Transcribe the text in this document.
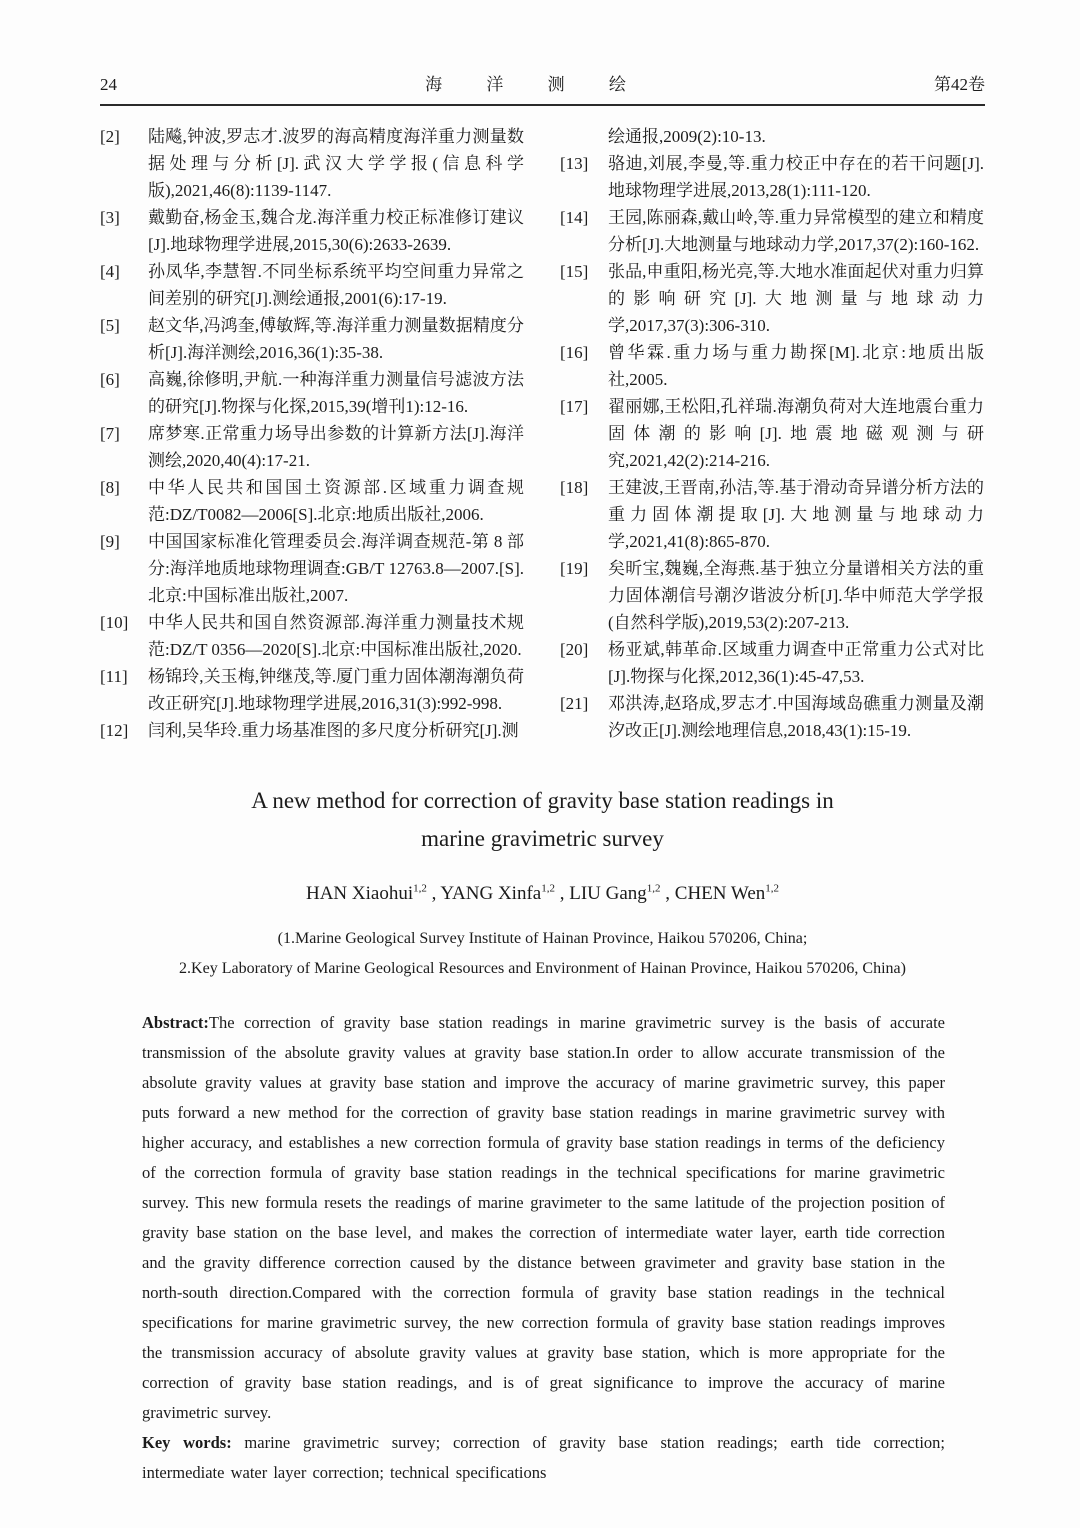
24	海 洋 测 绘	第42卷
[2]	陆飚,钟波,罗志才.波罗的海高精度海洋重力测量数据处理与分析[J].武汉大学学报(信息科学版),2021,46(8):1139-1147.
[3]	戴勤奋,杨金玉,魏合龙.海洋重力校正标准修订建议[J].地球物理学进展,2015,30(6):2633-2639.
[4]	孙凤华,李慧智.不同坐标系统平均空间重力异常之间差别的研究[J].测绘通报,2001(6):17-19.
[5]	赵文华,冯鸿奎,傅敏辉,等.海洋重力测量数据精度分析[J].海洋测绘,2016,36(1):35-38.
[6]	高巍,徐修明,尹航.一种海洋重力测量信号滤波方法的研究[J].物探与化探,2015,39(增刊1):12-16.
[7]	席梦寒.正常重力场导出参数的计算新方法[J].海洋测绘,2020,40(4):17-21.
[8]	中华人民共和国国土资源部.区域重力调查规范:DZ/T0082—2006[S].北京:地质出版社,2006.
[9]	中国国家标准化管理委员会.海洋调查规范-第 8 部分:海洋地质地球物理调查:GB/T 12763.8—2007.[S].北京:中国标准出版社,2007.
[10]	中华人民共和国自然资源部.海洋重力测量技术规范:DZ/T 0356—2020[S].北京:中国标准出版社,2020.
[11]	杨锦玲,关玉梅,钟继茂,等.厦门重力固体潮海潮负荷改正研究[J].地球物理学进展,2016,31(3):992-998.
[12]	闫利,吴华玲.重力场基准图的多尺度分析研究[J].测
绘通报,2009(2):10-13.
[13]	骆迪,刘展,李曼,等.重力校正中存在的若干问题[J].地球物理学进展,2013,28(1):111-120.
[14]	王园,陈丽森,戴山岭,等.重力异常模型的建立和精度分析[J].大地测量与地球动力学,2017,37(2):160-162.
[15]	张品,申重阳,杨光亮,等.大地水准面起伏对重力归算的影响研究[J].大地测量与地球动力学,2017,37(3):306-310.
[16]	曾华霖.重力场与重力勘探[M].北京:地质出版社,2005.
[17]	翟丽娜,王松阳,孔祥瑞.海潮负荷对大连地震台重力固体潮的影响[J].地震地磁观测与研究,2021,42(2):214-216.
[18]	王建波,王晋南,孙洁,等.基于滑动奇异谱分析方法的重力固体潮提取[J].大地测量与地球动力学,2021,41(8):865-870.
[19]	矣昕宝,魏巍,全海燕.基于独立分量谱相关方法的重力固体潮信号潮汐谐波分析[J].华中师范大学学报(自然科学版),2019,53(2):207-213.
[20]	杨亚斌,韩革命.区域重力调查中正常重力公式对比[J].物探与化探,2012,36(1):45-47,53.
[21]	邓洪涛,赵珞成,罗志才.中国海域岛礁重力测量及潮汐改正[J].测绘地理信息,2018,43(1):15-19.
A new method for correction of gravity base station readings in
marine gravimetric survey
HAN Xiaohui$^{1,2}$ , YANG Xinfa$^{1,2}$ , LIU Gang$^{1,2}$ , CHEN Wen$^{1,2}$
(1.Marine Geological Survey Institute of Hainan Province, Haikou 570206, China;
2.Key Laboratory of Marine Geological Resources and Environment of Hainan Province, Haikou 570206, China)

Abstract:The correction of gravity base station readings in marine gravimetric survey is the basis of accurate transmission of the absolute gravity values at gravity base station.In order to allow accurate transmission of the absolute gravity values at gravity base station and improve the accuracy of marine gravimetric survey, this paper puts forward a new method for the correction of gravity base station readings in marine gravimetric survey with higher accuracy, and establishes a new correction formula of gravity base station readings in terms of the deficiency of the correction formula of gravity base station readings in the technical specifications for marine gravimetric survey. This new formula resets the readings of marine gravimeter to the same latitude of the projection position of gravity base station on the base level, and makes the correction of intermediate water layer, earth tide correction and the gravity difference correction caused by the distance between gravimeter and gravity base station in the north-south direction.Compared with the correction formula of gravity base station readings in the technical specifications for marine gravimetric survey, the new correction formula of gravity base station readings improves the transmission accuracy of absolute gravity values at gravity base station, which is more appropriate for the correction of gravity base station readings, and is of great significance to improve the accuracy of marine gravimetric survey.

Key words: marine gravimetric survey; correction of gravity base station readings; earth tide correction; intermediate water layer correction; technical specifications
